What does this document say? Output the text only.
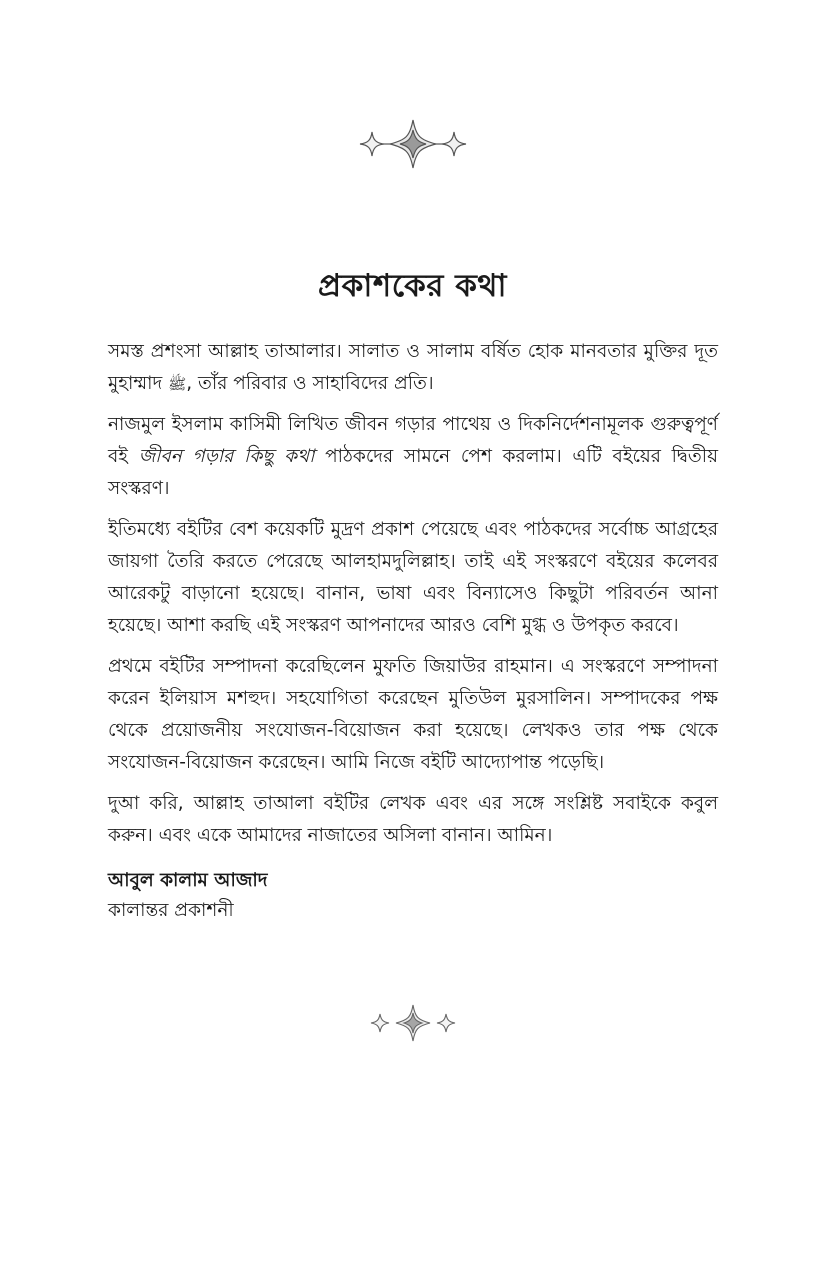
প্রকাশকের কথা

সমস্ত প্রশংসা আল্লাহ তাআলার। সালাত ও সালাম বর্ষিত হোক মানবতার মুক্তির দূত মুহাম্মাদ ﷺ, তাঁর পরিবার ও সাহাবিদের প্রতি।

নাজমুল ইসলাম কাসিমী লিখিত জীবন গড়ার পাথেয় ও দিকনির্দেশনামূলক গুরুত্বপূর্ণ বই জীবন গড়ার কিছু কথা পাঠকদের সামনে পেশ করলাম। এটি বইয়ের দ্বিতীয় সংস্করণ।

ইতিমধ্যে বইটির বেশ কয়েকটি মুদ্রণ প্রকাশ পেয়েছে এবং পাঠকদের সর্বোচ্চ আগ্রহের জায়গা তৈরি করতে পেরেছে আলহামদুলিল্লাহ। তাই এই সংস্করণে বইয়ের কলেবর আরেকটু বাড়ানো হয়েছে। বানান, ভাষা এবং বিন্যাসেও কিছুটা পরিবর্তন আনা হয়েছে। আশা করছি এই সংস্করণ আপনাদের আরও বেশি মুগ্ধ ও উপকৃত করবে।

প্রথমে বইটির সম্পাদনা করেছিলেন মুফতি জিয়াউর রাহমান। এ সংস্করণে সম্পাদনা করেন ইলিয়াস মশহুদ। সহযোগিতা করেছেন মুতিউল মুরসালিন। সম্পাদকের পক্ষ থেকে প্রয়োজনীয় সংযোজন-বিয়োজন করা হয়েছে। লেখকও তার পক্ষ থেকে সংযোজন-বিয়োজন করেছেন। আমি নিজে বইটি আদ্যোপান্ত পড়েছি।

দুআ করি, আল্লাহ তাআলা বইটির লেখক এবং এর সঙ্গে সংশ্লিষ্ট সবাইকে কবুল করুন। এবং একে আমাদের নাজাতের অসিলা বানান। আমিন।

আবুল কালাম আজাদ
কালান্তর প্রকাশনী
